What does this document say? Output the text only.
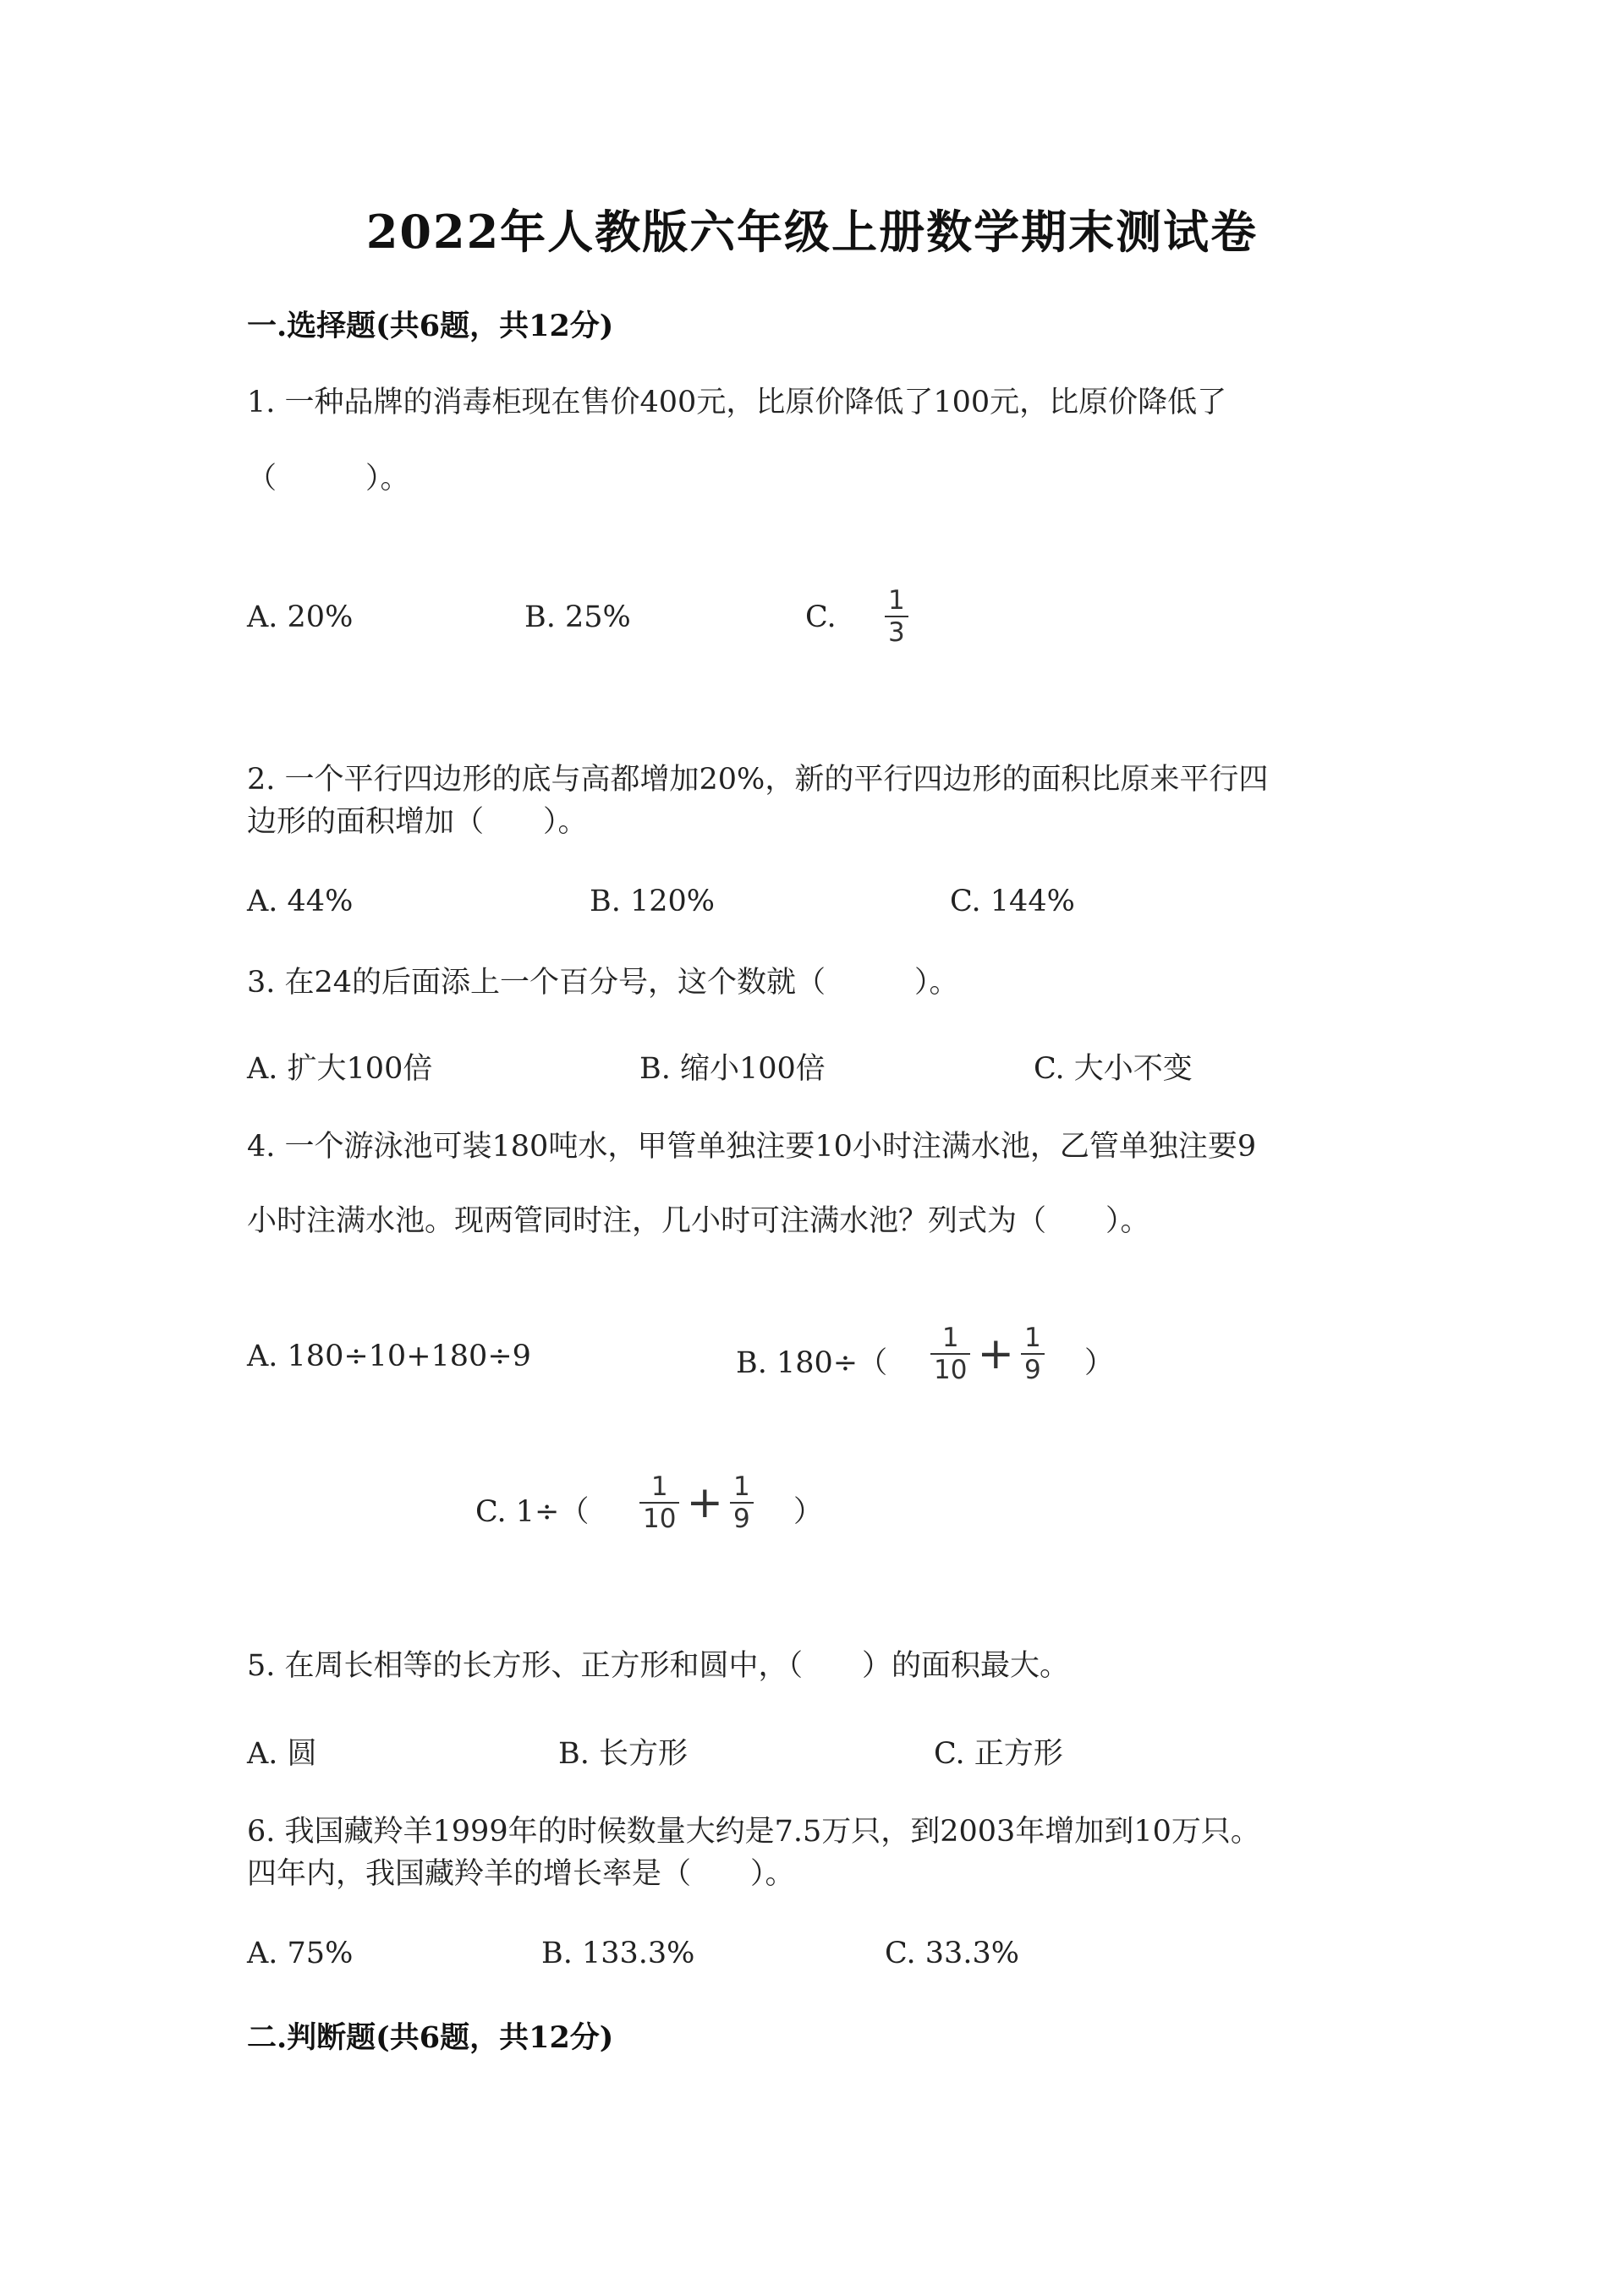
2022年人教版六年级上册数学期末测试卷
一.选择题(共6题，共12分)
1. 一种品牌的消毒柜现在售价400元，比原价降低了100元，比原价降低了
（　　　）。
A. 20%	B. 25%	C. $\frac{1}{3}$
2. 一个平行四边形的底与高都增加20%，新的平行四边形的面积比原来平行四
边形的面积增加（　　）。
A. 44%	B. 120%	C. 144%
3. 在24的后面添上一个百分号，这个数就（　　　）。
A. 扩大100倍	B. 缩小100倍	C. 大小不变
4. 一个游泳池可装180吨水，甲管单独注要10小时注满水池，乙管单独注要9
小时注满水池。现两管同时注，几小时可注满水池？列式为（　　）。
A. 180÷10+180÷9	B. $180\div( \frac{1}{10} + \frac{1}{9}$ ）
C. $1\div( \frac{1}{10} + \frac{1}{9}$ ）
5. 在周长相等的长方形、正方形和圆中，（　　）的面积最大。
A. 圆	B. 长方形	C. 正方形
6. 我国藏羚羊1999年的时候数量大约是7.5万只，到2003年增加到10万只。
四年内，我国藏羚羊的增长率是（　　）。
A. 75%	B. 133.3%	C. 33.3%
二.判断题(共6题，共12分)
